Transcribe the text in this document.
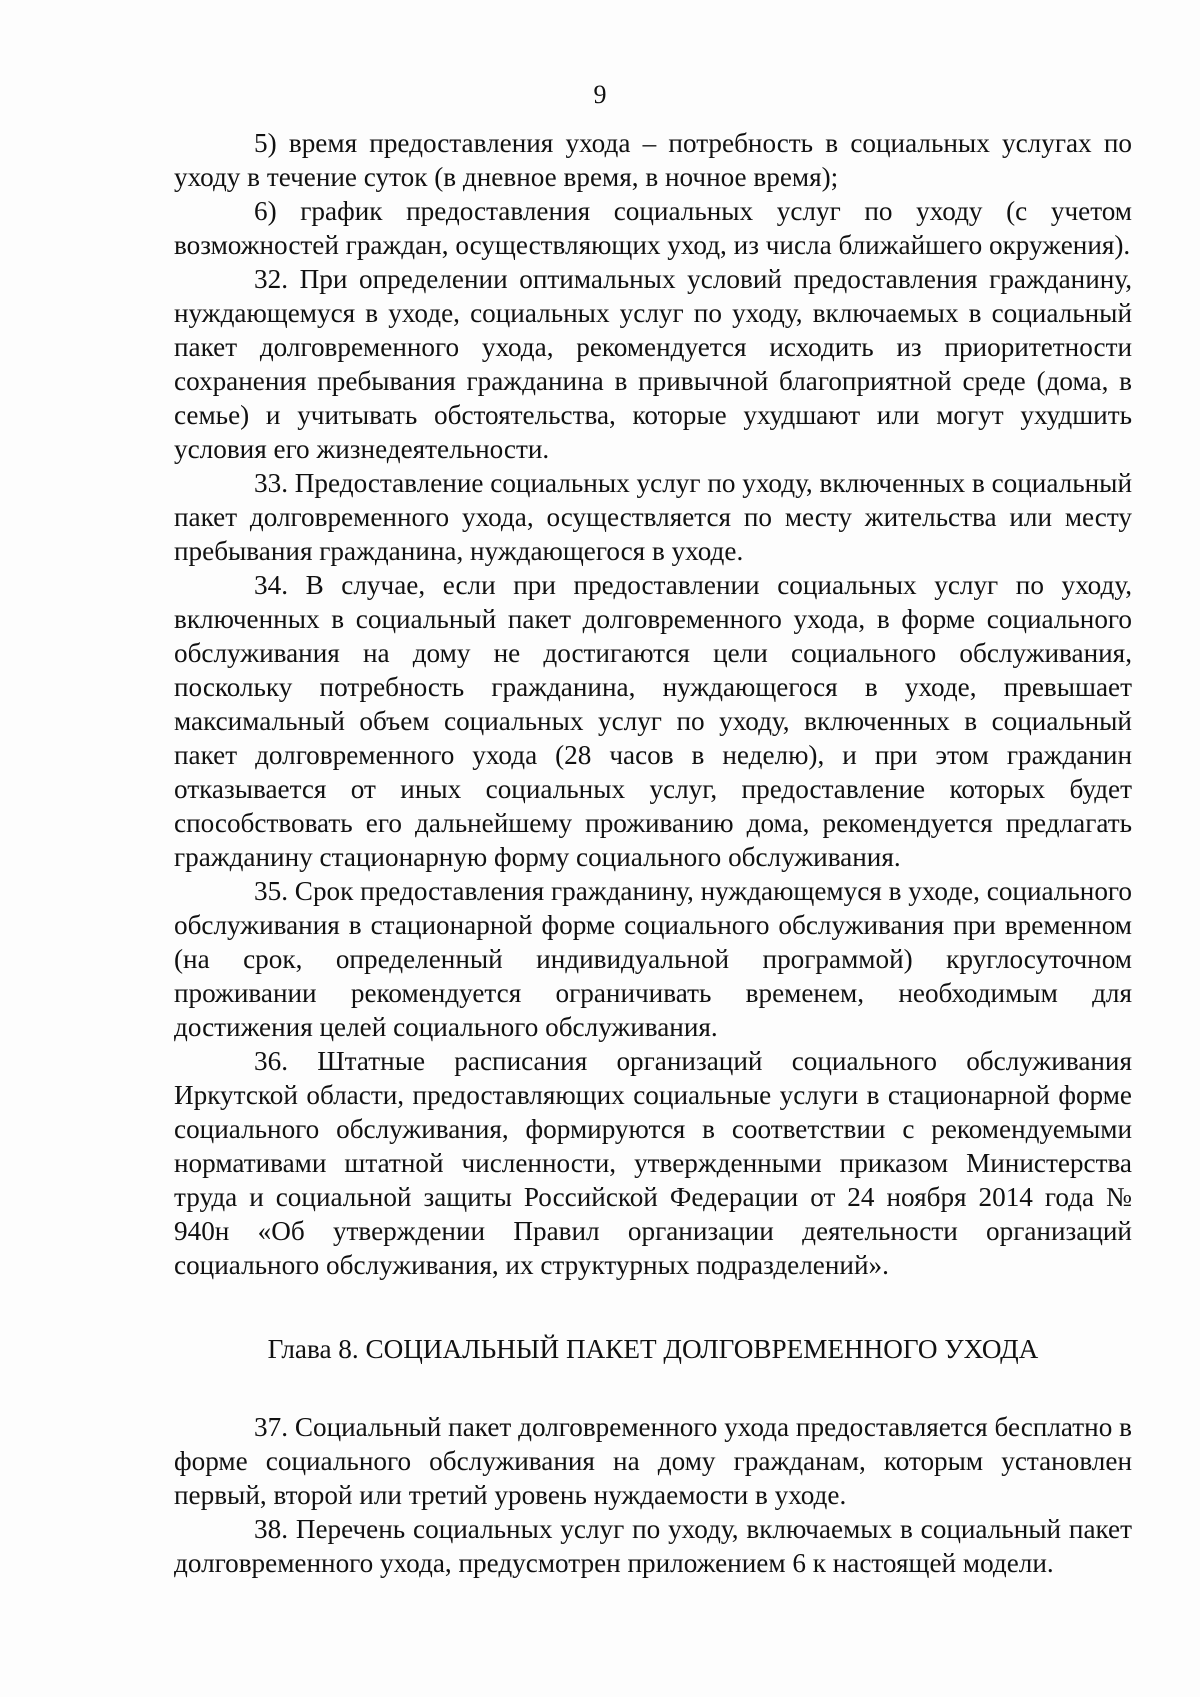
9

5) время предоставления ухода – потребность в социальных услугах по уходу в течение суток (в дневное время, в ночное время);

6) график предоставления социальных услуг по уходу (с учетом возможностей граждан, осуществляющих уход, из числа ближайшего окружения).

32. При определении оптимальных условий предоставления гражданину, нуждающемуся в уходе, социальных услуг по уходу, включаемых в социальный пакет долговременного ухода, рекомендуется исходить из приоритетности сохранения пребывания гражданина в привычной благоприятной среде (дома, в семье) и учитывать обстоятельства, которые ухудшают или могут ухудшить условия его жизнедеятельности.

33. Предоставление социальных услуг по уходу, включенных в социальный пакет долговременного ухода, осуществляется по месту жительства или месту пребывания гражданина, нуждающегося в уходе.

34. В случае, если при предоставлении социальных услуг по уходу, включенных в социальный пакет долговременного ухода, в форме социального обслуживания на дому не достигаются цели социального обслуживания, поскольку потребность гражданина, нуждающегося в уходе, превышает максимальный объем социальных услуг по уходу, включенных в социальный пакет долговременного ухода (28 часов в неделю), и при этом гражданин отказывается от иных социальных услуг, предоставление которых будет способствовать его дальнейшему проживанию дома, рекомендуется предлагать гражданину стационарную форму социального обслуживания.

35. Срок предоставления гражданину, нуждающемуся в уходе, социального обслуживания в стационарной форме социального обслуживания при временном (на срок, определенный индивидуальной программой) круглосуточном проживании рекомендуется ограничивать временем, необходимым для достижения целей социального обслуживания.

36. Штатные расписания организаций социального обслуживания Иркутской области, предоставляющих социальные услуги в стационарной форме социального обслуживания, формируются в соответствии с рекомендуемыми нормативами штатной численности, утвержденными приказом Министерства труда и социальной защиты Российской Федерации от 24 ноября 2014 года № 940н «Об утверждении Правил организации деятельности организаций социального обслуживания, их структурных подразделений».

Глава 8. СОЦИАЛЬНЫЙ ПАКЕТ ДОЛГОВРЕМЕННОГО УХОДА

37. Социальный пакет долговременного ухода предоставляется бесплатно в форме социального обслуживания на дому гражданам, которым установлен первый, второй или третий уровень нуждаемости в уходе.

38. Перечень социальных услуг по уходу, включаемых в социальный пакет долговременного ухода, предусмотрен приложением 6 к настоящей модели.
